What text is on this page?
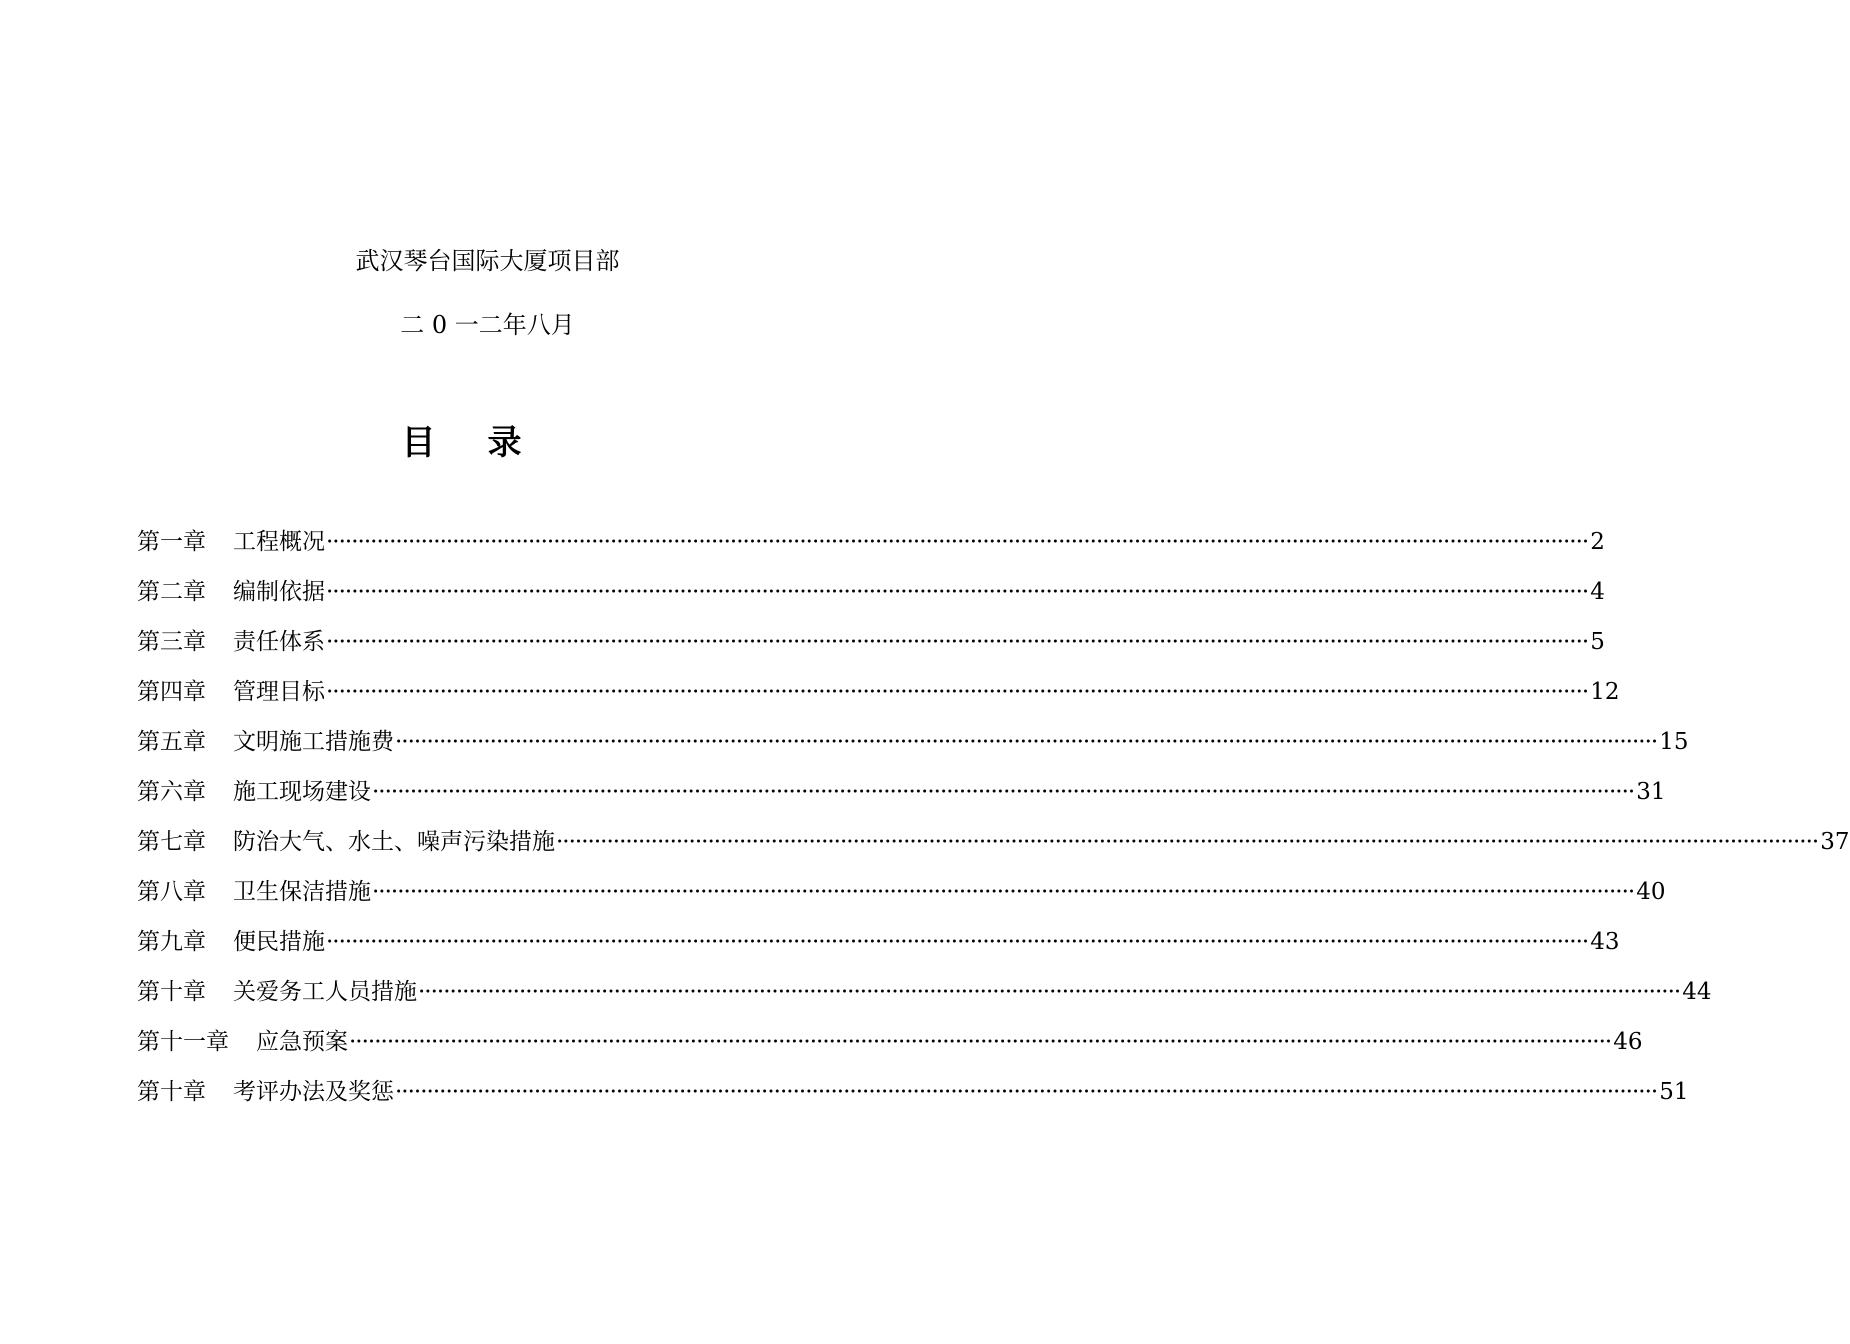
武汉琴台国际大厦项目部
二 0 一二年八月
目录
第一章 工程概况 ········································································································································································································ 2
第二章 编制依据 ········································································································································································································ 4
第三章 责任体系 ········································································································································································································ 5
第四章 管理目标 ········································································································································································································ 12
第五章 文明施工措施费 ········································································································································································································ 15
第六章 施工现场建设 ········································································································································································································ 31
第七章 防治大气、水土、噪声污染措施 ········································································································································································································ 37
第八章 卫生保洁措施 ········································································································································································································ 40
第九章 便民措施 ········································································································································································································ 43
第十章 关爱务工人员措施 ········································································································································································································ 44
第十一章 应急预案 ········································································································································································································ 46
第十章 考评办法及奖惩 ········································································································································································································ 51
